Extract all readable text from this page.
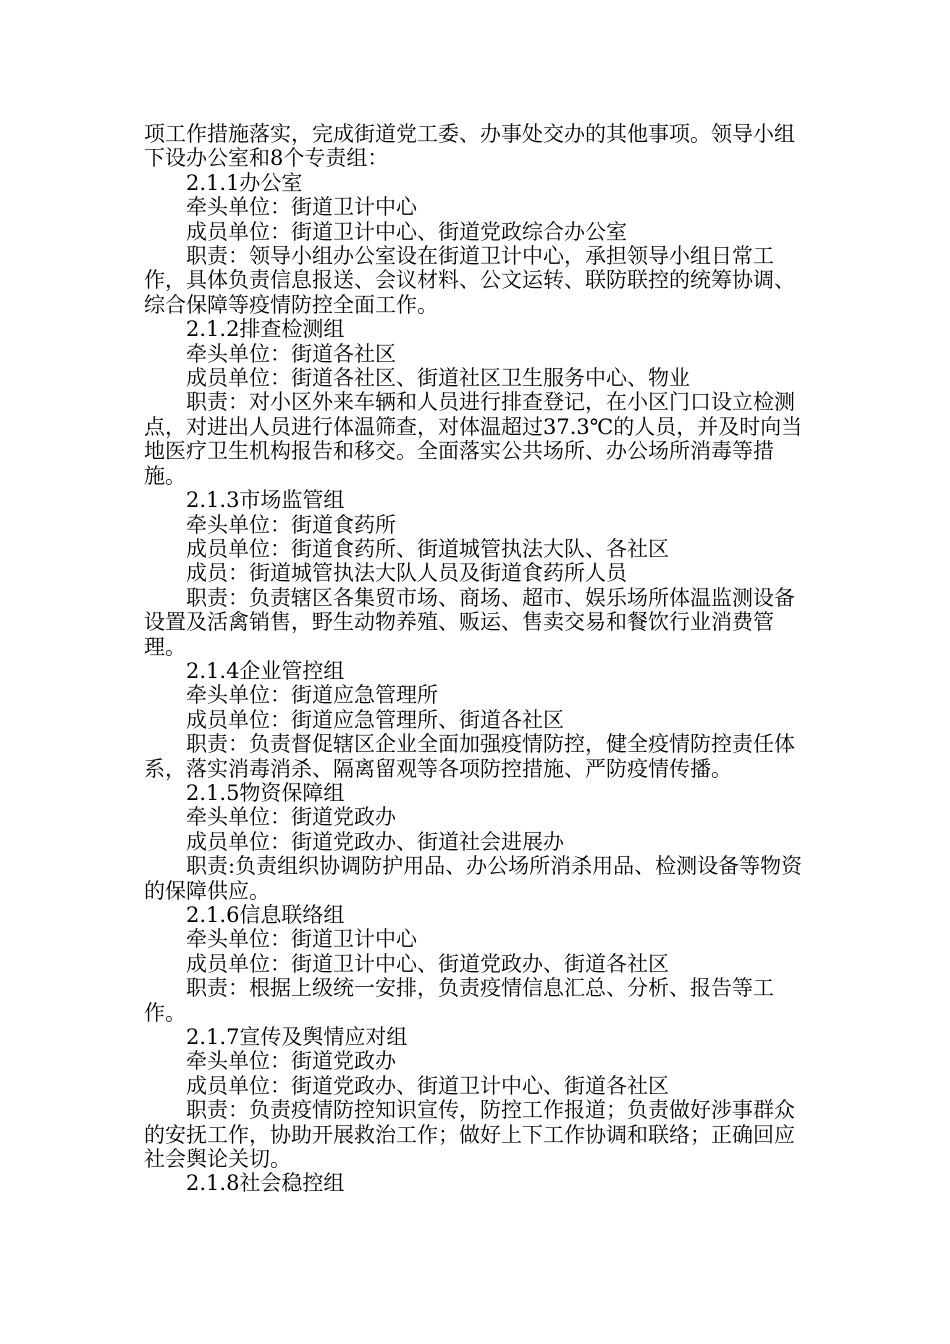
项工作措施落实，完成街道党工委、办事处交办的其他事项。领导小组下设办公室和8个专责组：

2.1.1办公室

牵头单位：街道卫计中心

成员单位：街道卫计中心、街道党政综合办公室

职责：领导小组办公室设在街道卫计中心，承担领导小组日常工作，具体负责信息报送、会议材料、公文运转、联防联控的统筹协调、综合保障等疫情防控全面工作。

2.1.2排查检测组

牵头单位：街道各社区

成员单位：街道各社区、街道社区卫生服务中心、物业

职责：对小区外来车辆和人员进行排查登记，在小区门口设立检测点，对进出人员进行体温筛查，对体温超过37.3℃的人员，并及时向当地医疗卫生机构报告和移交。全面落实公共场所、办公场所消毒等措施。

2.1.3市场监管组

牵头单位：街道食药所

成员单位：街道食药所、街道城管执法大队、各社区

成员：街道城管执法大队人员及街道食药所人员

职责：负责辖区各集贸市场、商场、超市、娱乐场所体温监测设备设置及活禽销售，野生动物养殖、贩运、售卖交易和餐饮行业消费管理。

2.1.4企业管控组

牵头单位：街道应急管理所

成员单位：街道应急管理所、街道各社区

职责：负责督促辖区企业全面加强疫情防控，健全疫情防控责任体系，落实消毒消杀、隔离留观等各项防控措施、严防疫情传播。

2.1.5物资保障组

牵头单位：街道党政办

成员单位：街道党政办、街道社会进展办

职责:负责组织协调防护用品、办公场所消杀用品、检测设备等物资的保障供应。

2.1.6信息联络组

牵头单位：街道卫计中心

成员单位：街道卫计中心、街道党政办、街道各社区

职责：根据上级统一安排，负责疫情信息汇总、分析、报告等工作。

2.1.7宣传及舆情应对组

牵头单位：街道党政办

成员单位：街道党政办、街道卫计中心、街道各社区

职责：负责疫情防控知识宣传，防控工作报道；负责做好涉事群众的安抚工作，协助开展救治工作；做好上下工作协调和联络；正确回应社会舆论关切。

2.1.8社会稳控组
